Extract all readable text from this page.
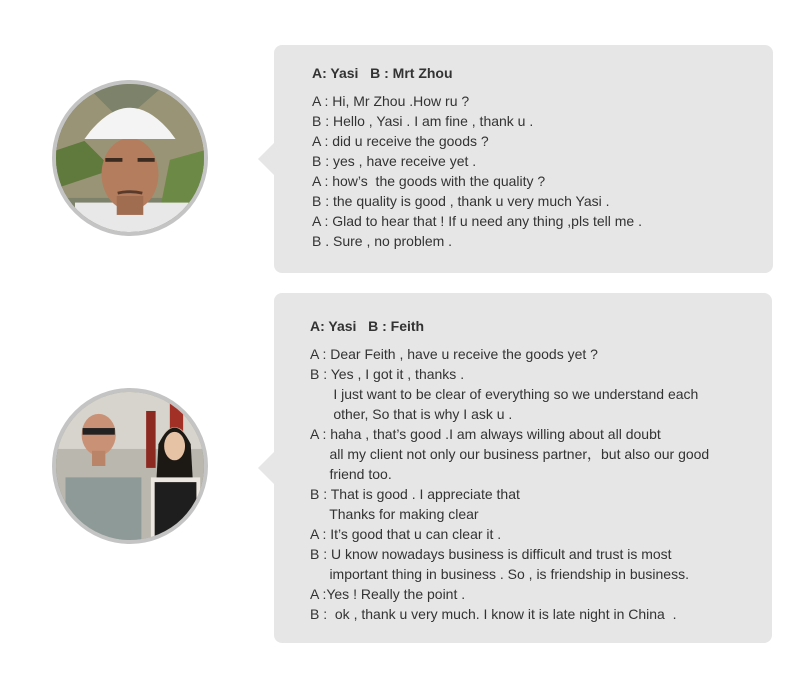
A: Yasi   B : Mrt Zhou
A : Hi, Mr Zhou .How ru ?
B : Hello , Yasi . I am fine , thank u .
A : did u receive the goods ?
B : yes , have receive yet .
A : how’s  the goods with the quality ?
B : the quality is good , thank u very much Yasi .
A : Glad to hear that ! If u need any thing ,pls tell me .
B . Sure , no problem .
A: Yasi   B : Feith
A : Dear Feith , have u receive the goods yet ?
B : Yes , I got it , thanks .
I just want to be clear of everything so we understand each
other, So that is why I ask u .
A : haha , that’s good .I am always willing about all doubt
all my client not only our business partner，but also our good
friend too.
B : That is good . I appreciate that
Thanks for making clear
A : It’s good that u can clear it .
B : U know nowadays business is difficult and trust is most
important thing in business . So , is friendship in business.
A :Yes ! Really the point .
B :  ok , thank u very much. I know it is late night in China  .
